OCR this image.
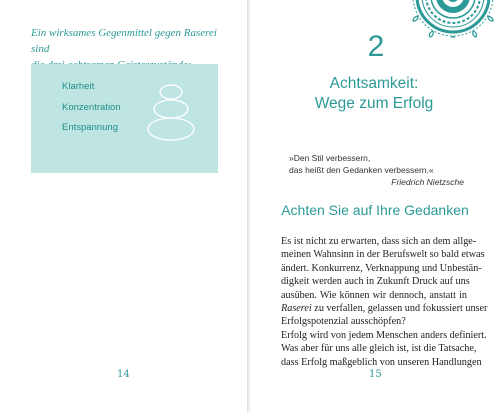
Ein wirksames Gegenmittel gegen Raserei sind
Klarheit
Konzentration
Entspannung
14
2
Achtsamkeit:
Wege zum Erfolg
»Den Stil verbessern,
das heißt den Gedanken verbessern.«
Friedrich Nietzsche
Achten Sie auf Ihre Gedanken
Es ist nicht zu erwarten, dass sich an dem allge-
meinen Wahnsinn in der Berufswelt so bald etwas
ändert. Konkurrenz, Verknappung und Unbestän-
digkeit werden auch in Zukunft Druck auf uns
ausüben. Wie können wir dennoch, anstatt in
Raserei zu verfallen, gelassen und fokussiert unser
Erfolgspotenzial ausschöpfen?
Erfolg wird von jedem Menschen anders definiert.
Was aber für uns alle gleich ist, ist die Tatsache,
dass Erfolg maßgeblich von unseren Handlungen
15
